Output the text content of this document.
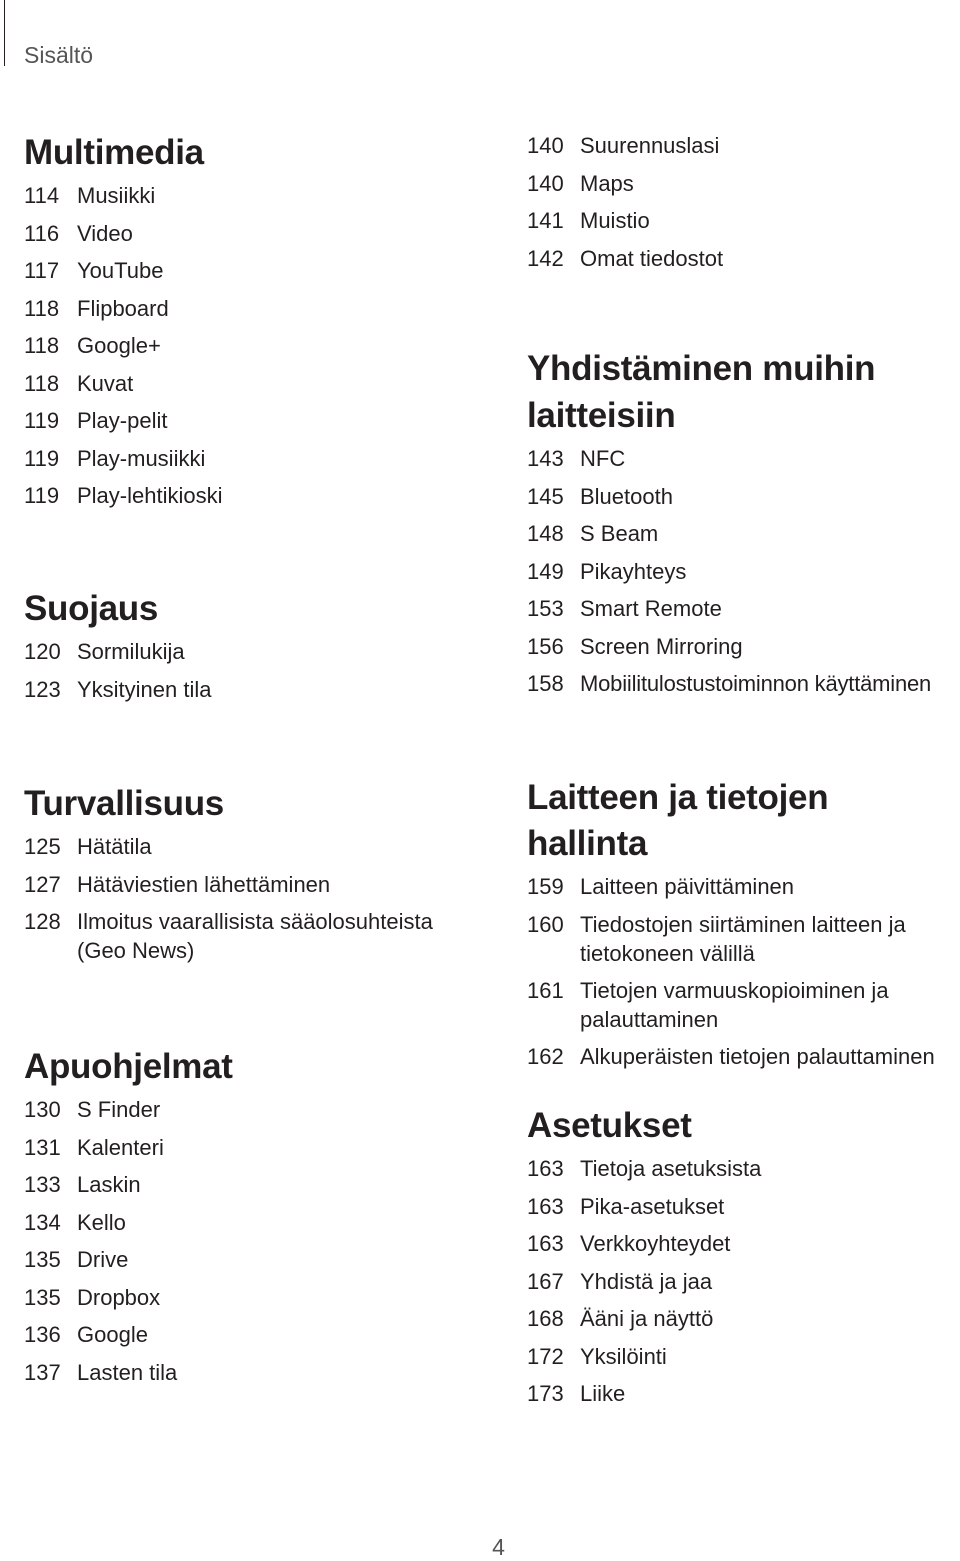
Sisältö
Multimedia
114 Musiikki
116 Video
117 YouTube
118 Flipboard
118 Google+
118 Kuvat
119 Play-pelit
119 Play-musiikki
119 Play-lehtikioski
Suojaus
120 Sormilukija
123 Yksityinen tila
Turvallisuus
125 Hätätila
127 Hätäviestien lähettäminen
128 Ilmoitus vaarallisista sääolosuhteista (Geo News)
Apuohjelmat
130 S Finder
131 Kalenteri
133 Laskin
134 Kello
135 Drive
135 Dropbox
136 Google
137 Lasten tila
140 Suurennuslasi
140 Maps
141 Muistio
142 Omat tiedostot
Yhdistäminen muihin
laitteisiin
143 NFC
145 Bluetooth
148 S Beam
149 Pikayhteys
153 Smart Remote
156 Screen Mirroring
158 Mobiilitulostustoiminnon käyttäminen
Laitteen ja tietojen hallinta
159 Laitteen päivittäminen
160 Tiedostojen siirtäminen laitteen ja tietokoneen välillä
161 Tietojen varmuuskopioiminen ja palauttaminen
162 Alkuperäisten tietojen palauttaminen
Asetukset
163 Tietoja asetuksista
163 Pika-asetukset
163 Verkkoyhteydet
167 Yhdistä ja jaa
168 Ääni ja näyttö
172 Yksilöinti
173 Liike
4
